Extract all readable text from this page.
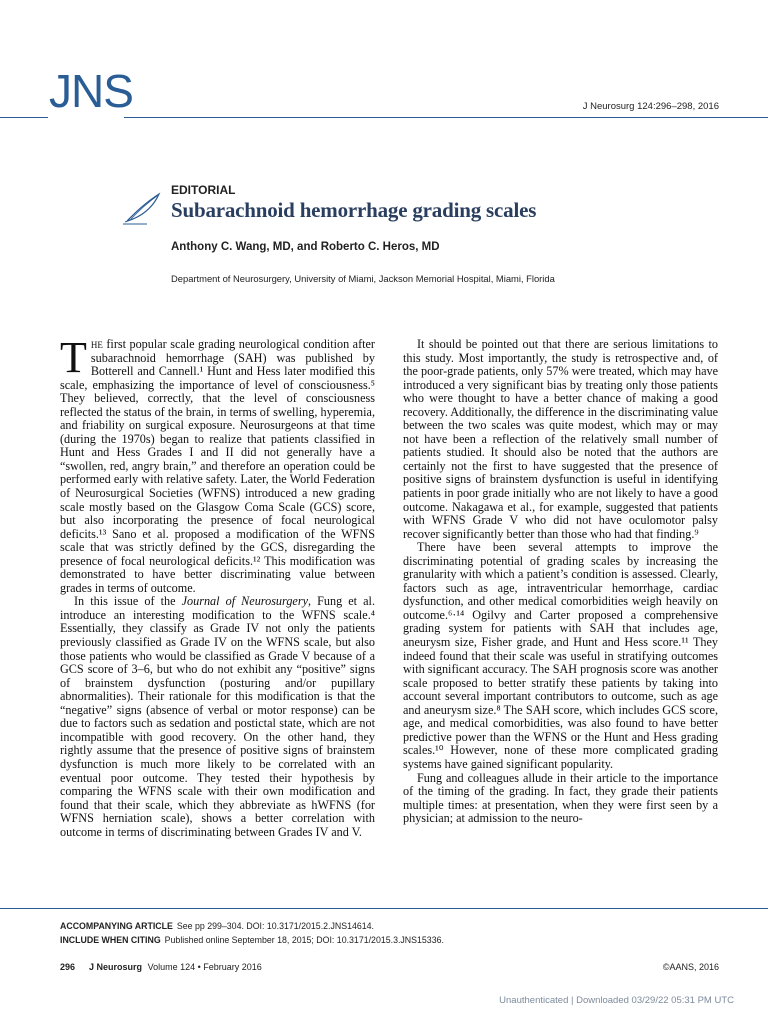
JNS	J Neurosurg 124:296–298, 2016
EDITORIAL
Subarachnoid hemorrhage grading scales
Anthony C. Wang, MD, and Roberto C. Heros, MD
Department of Neurosurgery, University of Miami, Jackson Memorial Hospital, Miami, Florida

The first popular scale grading neurological condition after subarachnoid hemorrhage (SAH) was published by Botterell and Cannell.¹ Hunt and Hess later modified this scale, emphasizing the importance of level of consciousness.⁵ They believed, correctly, that the level of consciousness reflected the status of the brain, in terms of swelling, hyperemia, and friability on surgical exposure. Neurosurgeons at that time (during the 1970s) began to realize that patients classified in Hunt and Hess Grades I and II did not generally have a “swollen, red, angry brain,” and therefore an operation could be performed early with relative safety. Later, the World Federation of Neurosurgical Societies (WFNS) introduced a new grading scale mostly based on the Glasgow Coma Scale (GCS) score, but also incorporating the presence of focal neurological deficits.¹³ Sano et al. proposed a modification of the WFNS scale that was strictly defined by the GCS, disregarding the presence of focal neurological deficits.¹² This modification was demonstrated to have better discriminating value between grades in terms of outcome.

In this issue of the Journal of Neurosurgery, Fung et al. introduce an interesting modification to the WFNS scale.⁴ Essentially, they classify as Grade IV not only the patients previously classified as Grade IV on the WFNS scale, but also those patients who would be classified as Grade V because of a GCS score of 3–6, but who do not exhibit any “positive” signs of brainstem dysfunction (posturing and/or pupillary abnormalities). Their rationale for this modification is that the “negative” signs (absence of verbal or motor response) can be due to factors such as sedation and postictal state, which are not incompatible with good recovery. On the other hand, they rightly assume that the presence of positive signs of brainstem dysfunction is much more likely to be correlated with an eventual poor outcome. They tested their hypothesis by comparing the WFNS scale with their own modification and found that their scale, which they abbreviate as hWFNS (for WFNS herniation scale), shows a better correlation with outcome in terms of discriminating between Grades IV and V.

It should be pointed out that there are serious limitations to this study. Most importantly, the study is retrospective and, of the poor-grade patients, only 57% were treated, which may have introduced a very significant bias by treating only those patients who were thought to have a better chance of making a good recovery. Additionally, the difference in the discriminating value between the two scales was quite modest, which may or may not have been a reflection of the relatively small number of patients studied. It should also be noted that the authors are certainly not the first to have suggested that the presence of positive signs of brainstem dysfunction is useful in identifying patients in poor grade initially who are not likely to have a good outcome. Nakagawa et al., for example, suggested that patients with WFNS Grade V who did not have oculomotor palsy recover significantly better than those who had that finding.⁹

There have been several attempts to improve the discriminating potential of grading scales by increasing the granularity with which a patient’s condition is assessed. Clearly, factors such as age, intraventricular hemorrhage, cardiac dysfunction, and other medical comorbidities weigh heavily on outcome.⁶·¹⁴ Ogilvy and Carter proposed a comprehensive grading system for patients with SAH that includes age, aneurysm size, Fisher grade, and Hunt and Hess score.¹¹ They indeed found that their scale was useful in stratifying outcomes with significant accuracy. The SAH prognosis score was another scale proposed to better stratify these patients by taking into account several important contributors to outcome, such as age and aneurysm size.⁸ The SAH score, which includes GCS score, age, and medical comorbidities, was also found to have better predictive power than the WFNS or the Hunt and Hess grading scales.¹⁰ However, none of these more complicated grading systems have gained significant popularity.

Fung and colleagues allude in their article to the importance of the timing of the grading. In fact, they grade their patients multiple times: at presentation, when they were first seen by a physician; at admission to the neuro-

ACCOMPANYING ARTICLE See pp 299–304. DOI: 10.3171/2015.2.JNS14614.
INCLUDE WHEN CITING Published online September 18, 2015; DOI: 10.3171/2015.3.JNS15336.
296 J Neurosurg Volume 124 • February 2016	©AANS, 2016
Unauthenticated | Downloaded 03/29/22 05:31 PM UTC
